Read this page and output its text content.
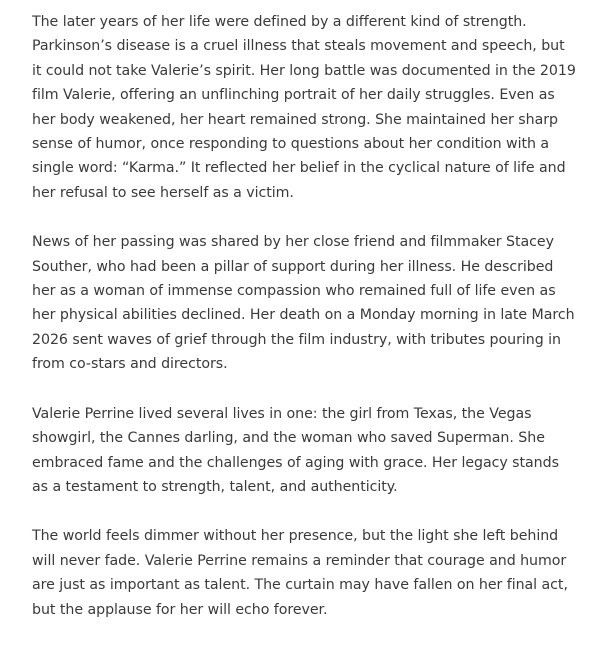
The later years of her life were defined by a different kind of strength. Parkinson’s disease is a cruel illness that steals movement and speech, but it could not take Valerie’s spirit. Her long battle was documented in the 2019 film Valerie, offering an unflinching portrait of her daily struggles. Even as her body weakened, her heart remained strong. She maintained her sharp sense of humor, once responding to questions about her condition with a single word: “Karma.” It reflected her belief in the cyclical nature of life and her refusal to see herself as a victim.

News of her passing was shared by her close friend and filmmaker Stacey Souther, who had been a pillar of support during her illness. He described her as a woman of immense compassion who remained full of life even as her physical abilities declined. Her death on a Monday morning in late March 2026 sent waves of grief through the film industry, with tributes pouring in from co-stars and directors.

Valerie Perrine lived several lives in one: the girl from Texas, the Vegas showgirl, the Cannes darling, and the woman who saved Superman. She embraced fame and the challenges of aging with grace. Her legacy stands as a testament to strength, talent, and authenticity.

The world feels dimmer without her presence, but the light she left behind will never fade. Valerie Perrine remains a reminder that courage and humor are just as important as talent. The curtain may have fallen on her final act, but the applause for her will echo forever.
